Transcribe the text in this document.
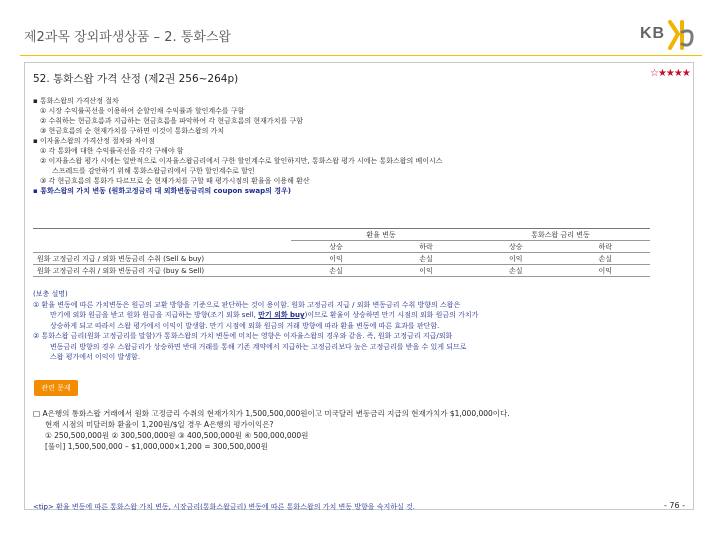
제2과목 장외파생상품 – 2. 통화스왑	KB
52. 통화스왑 가격 산정 (제2권 256~264p)	☆★★★★
▪ 통화스왑의 가격산정 절차
① 시장 수익률곡선을 이용하여 순할인채 수익률과 할인계수를 구함
② 수취하는 현금흐름과 지급하는 현금흐름을 파악하여 각 현금흐름의 현재가치를 구함
③ 현금흐름의 순 현재가치를 구하면 이것이 통화스왑의 가치
▪ 이자율스왑의 가격산정 절차와 차이점
① 각 통화에 대한 수익률곡선을 각각 구해야 함
② 이자율스왑 평가 시에는 일반적으로 이자율스왑금리에서 구한 할인계수로 할인하지만, 통화스왑 평가 시에는 통화스왑의 베이시스
스프레드를 감안하기 위해 통화스왑금리에서 구한 할인계수로 할인
③ 각 현금흐름의 통화가 다르므로 순 현재가치를 구할 때 평가시점의 환율을 이용해 환산
▪ 통화스왑의 가치 변동 (원화고정금리 대 외화변동금리의 coupon swap의 경우)
	환율 변동		통화스왑 금리 변동	
	상승	하락	상승	하락
원화 고정금리 지급 / 외화 변동금리 수취 (Sell & buy)	이익	손실	이익	손실
원화 고정금리 수취 / 외화 변동금리 지급 (buy & Sell)	손실	이익	손실	이익
(보충 설명)
① 환율 변동에 따른 가치변동은 원금의 교환 방향을 기준으로 판단하는 것이 용이함. 원화 고정금리 지급 / 외화 변동금리 수취 방향의 스왑은
만기에 외화 원금을 받고 원화 원금을 지급하는 방향(조기 외화 sell, 만기 외화 buy)이므로 환율이 상승하면 만기 시점의 외화 원금의 가치가
상승하게 되고 따라서 스왑 평가에서 이익이 발생함. 만기 시점에 외화 원금의 거래 방향에 따라 환율 변동에 따른 효과를 판단함.
② 통화스왑 금리(원화 고정금리를 말함)가 통화스왑의 가치 변동에 미치는 영향은 이자율스왑의 경우와 같음. 즉, 원화 고정금리 지급/외화
변동금리 방향의 경우 스왑금리가 상승하면 반대 거래를 통해 기존 계약에서 지급하는 고정금리보다 높은 고정금리를 받을 수 있게 되므로
스왑 평가에서 이익이 발생함.
관련 문제
□ A은행의 통화스왑 거래에서 원화 고정금리 수취의 현재가치가 1,500,500,000원이고 미국달러 변동금리 지급의 현재가치가 $1,000,000이다.
현재 시점의 미달러화 환율이 1,200원/$일 경우 A은행의 평가이익은?
① 250,500,000원 ② 300,500,000원 ③ 400,500,000원 ④ 500,000,000원
[풀이] 1,500,500,000 – $1,000,000×1,200 = 300,500,000원
<tip> 환율 변동에 따른 통화스왑 가치 변동, 시장금리(통화스왑금리) 변동에 따른 통화스왑의 가치 변동 방향을 숙지하실 것.	- 76 -
